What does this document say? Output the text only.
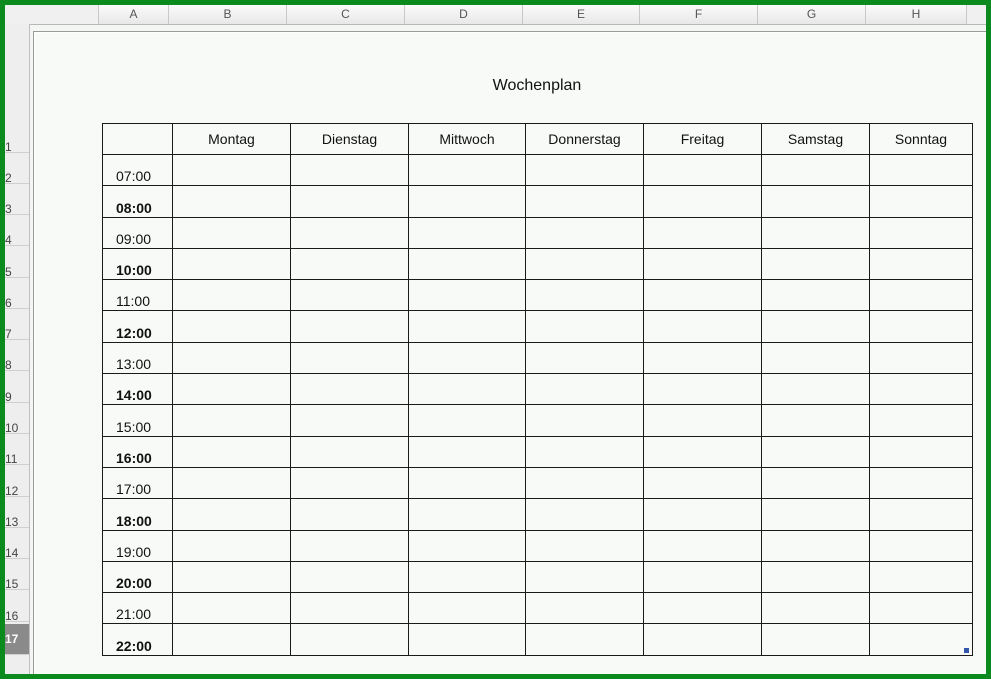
A	B	C	D	E	F	G	H
1
2
3
4
5
6
7
8
9
10
11
12
13
14
15
16
17
Wochenplan
	Montag	Dienstag	Mittwoch	Donnerstag	Freitag	Samstag	Sonntag
07:00							
08:00							
09:00							
10:00							
11:00							
12:00							
13:00							
14:00							
15:00							
16:00							
17:00							
18:00							
19:00							
20:00							
21:00							
22:00							
